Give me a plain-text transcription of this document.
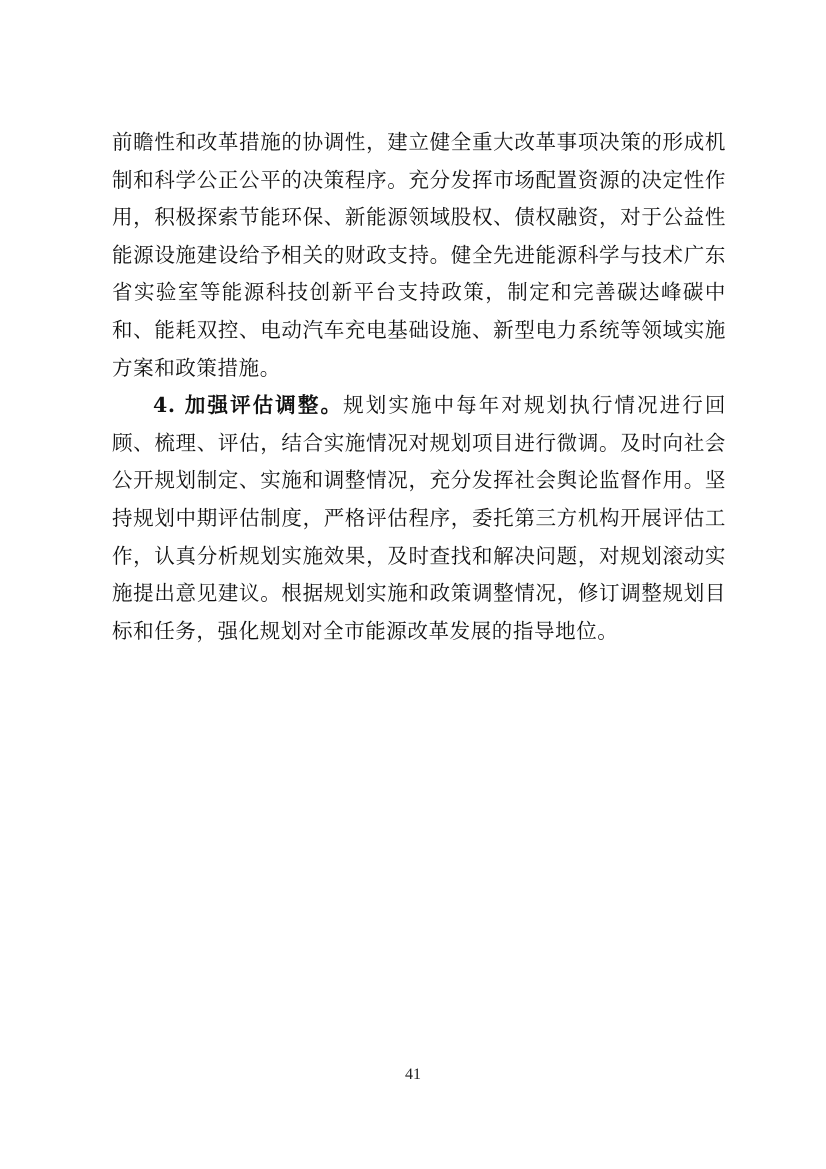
前瞻性和改革措施的协调性，建立健全重大改革事项决策的形成机制和科学公正公平的决策程序。充分发挥市场配置资源的决定性作用，积极探索节能环保、新能源领域股权、债权融资，对于公益性能源设施建设给予相关的财政支持。健全先进能源科学与技术广东省实验室等能源科技创新平台支持政策，制定和完善碳达峰碳中和、能耗双控、电动汽车充电基础设施、新型电力系统等领域实施方案和政策措施。

4. 加强评估调整。规划实施中每年对规划执行情况进行回顾、梳理、评估，结合实施情况对规划项目进行微调。及时向社会公开规划制定、实施和调整情况，充分发挥社会舆论监督作用。坚持规划中期评估制度，严格评估程序，委托第三方机构开展评估工作，认真分析规划实施效果，及时查找和解决问题，对规划滚动实施提出意见建议。根据规划实施和政策调整情况，修订调整规划目标和任务，强化规划对全市能源改革发展的指导地位。

41
